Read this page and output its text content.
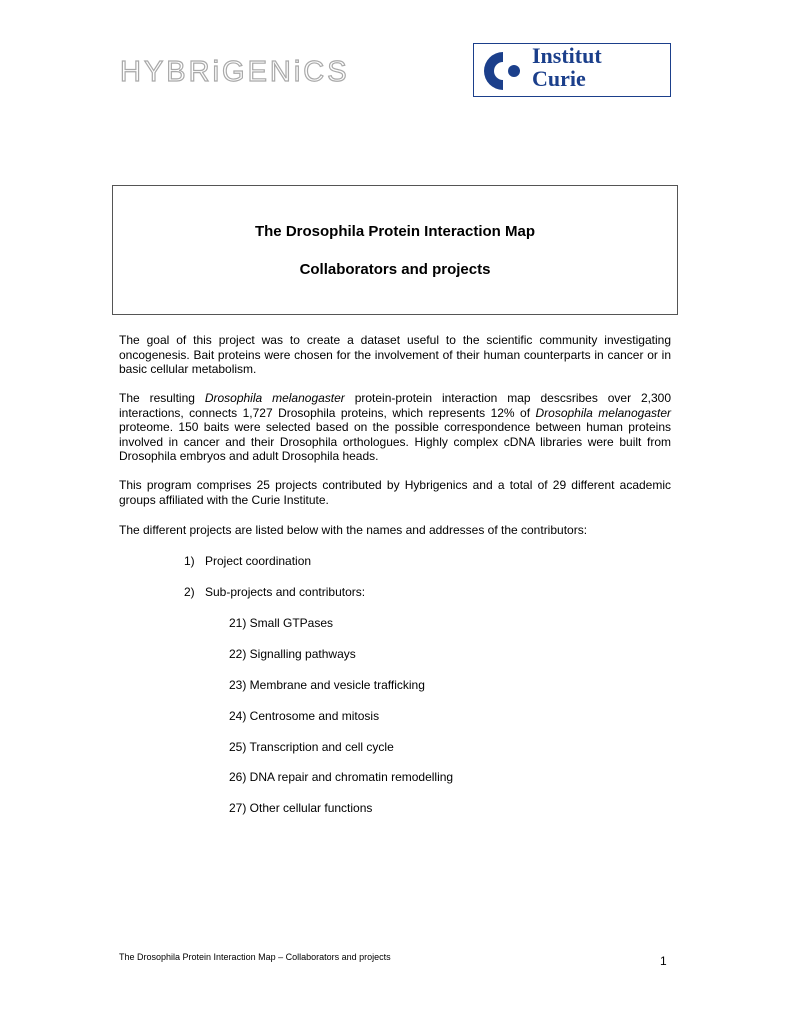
HYBRiGENiCS
Institut
Curie
The Drosophila Protein Interaction Map
Collaborators and projects

The goal of this project was to create a dataset useful to the scientific community investigating oncogenesis. Bait proteins were chosen for the involvement of their human counterparts in cancer or in basic cellular metabolism.

The resulting Drosophila melanogaster protein-protein interaction map descsribes over 2,300 interactions, connects 1,727 Drosophila proteins, which represents 12% of Drosophila melanogaster proteome. 150 baits were selected based on the possible correspondence between human proteins involved in cancer and their Drosophila orthologues. Highly complex cDNA libraries were built from Drosophila embryos and adult Drosophila heads.

This program comprises 25 projects contributed by Hybrigenics and a total of 29 different academic groups affiliated with the Curie Institute.

The different projects are listed below with the names and addresses of the contributors:

1) Project coordination
2) Sub-projects and contributors:
21) Small GTPases
22) Signalling pathways
23) Membrane and vesicle trafficking
24) Centrosome and mitosis
25) Transcription and cell cycle
26) DNA repair and chromatin remodelling
27) Other cellular functions
The Drosophila Protein Interaction Map – Collaborators and projects	1
